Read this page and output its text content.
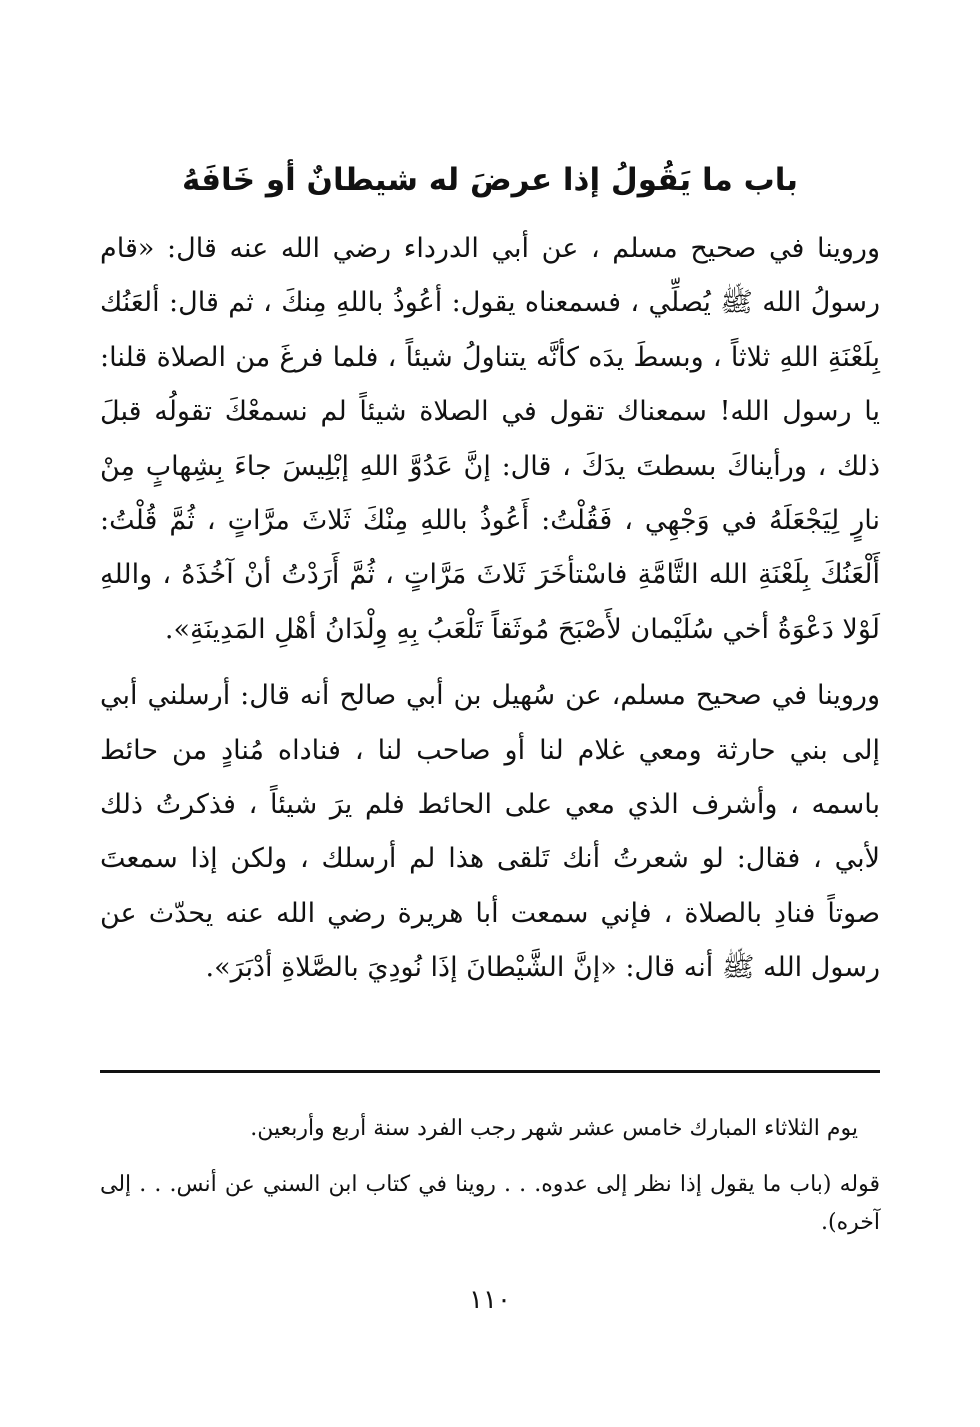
باب ما يَقُولُ إذا عرضَ له شيطانٌ أو خَافَهُ

وروينا في صحيح مسلم ، عن أبي الدرداء رضي الله عنه قال: «قام رسولُ الله ﷺ يُصلِّي ، فسمعناه يقول: أعُوذُ باللهِ مِنكَ ، ثم قال: ألعَنُك بِلَعْنَةِ اللهِ ثلاثاً ، وبسطَ يدَه كأنَّه يتناولُ شيئاً ، فلما فرغَ من الصلاة قلنا: يا رسول الله! سمعناك تقول في الصلاة شيئاً لم نسمعْكَ تقولُه قبلَ ذلك ، ورأيناكَ بسطتَ يدَكَ ، قال: إنَّ عَدُوَّ اللهِ إبْلِيسَ جاءَ بِشِهابٍ مِنْ نارٍ لِيَجْعَلَهُ في وَجْهِي ، فَقُلْتُ: أَعُوذُ باللهِ مِنْكَ ثَلاثَ مرَّاتٍ ، ثُمَّ قُلْتُ: أَلْعَنُكَ بِلَعْنَةِ الله التَّامَّةِ فاسْتأخَرَ ثَلاثَ مَرَّاتٍ ، ثُمَّ أَرَدْتُ أنْ آخُذَهُ ، واللهِ لَوْلا دَعْوَةُ أخي سُلَيْمان لأَصْبَحَ مُوثَقاً تَلْعَبُ بِهِ وِلْدَانُ أهْلِ المَدِينَةِ».

وروينا في صحيح مسلم، عن سُهيل بن أبي صالح أنه قال: أرسلني أبي إلى بني حارثة ومعي غلام لنا أو صاحب لنا ، فناداه مُنادٍ من حائط باسمه ، وأشرف الذي معي على الحائط فلم يرَ شيئاً ، فذكرتُ ذلك لأبي ، فقال: لو شعرتُ أنك تَلقى هذا لم أرسلك ، ولكن إذا سمعتَ صوتاً فنادِ بالصلاة ، فإني سمعت أبا هريرة رضي الله عنه يحدّث عن رسول الله ﷺ أنه قال: «إنَّ الشَّيْطانَ إذَا نُودِيَ بالصَّلاةِ أدْبَرَ».

يوم الثلاثاء المبارك خامس عشر شهر رجب الفرد سنة أربع وأربعين.

قوله (باب ما يقول إذا نظر إلى عدوه. . . روينا في كتاب ابن السني عن أنس. . . إلى آخره).

١١٠
